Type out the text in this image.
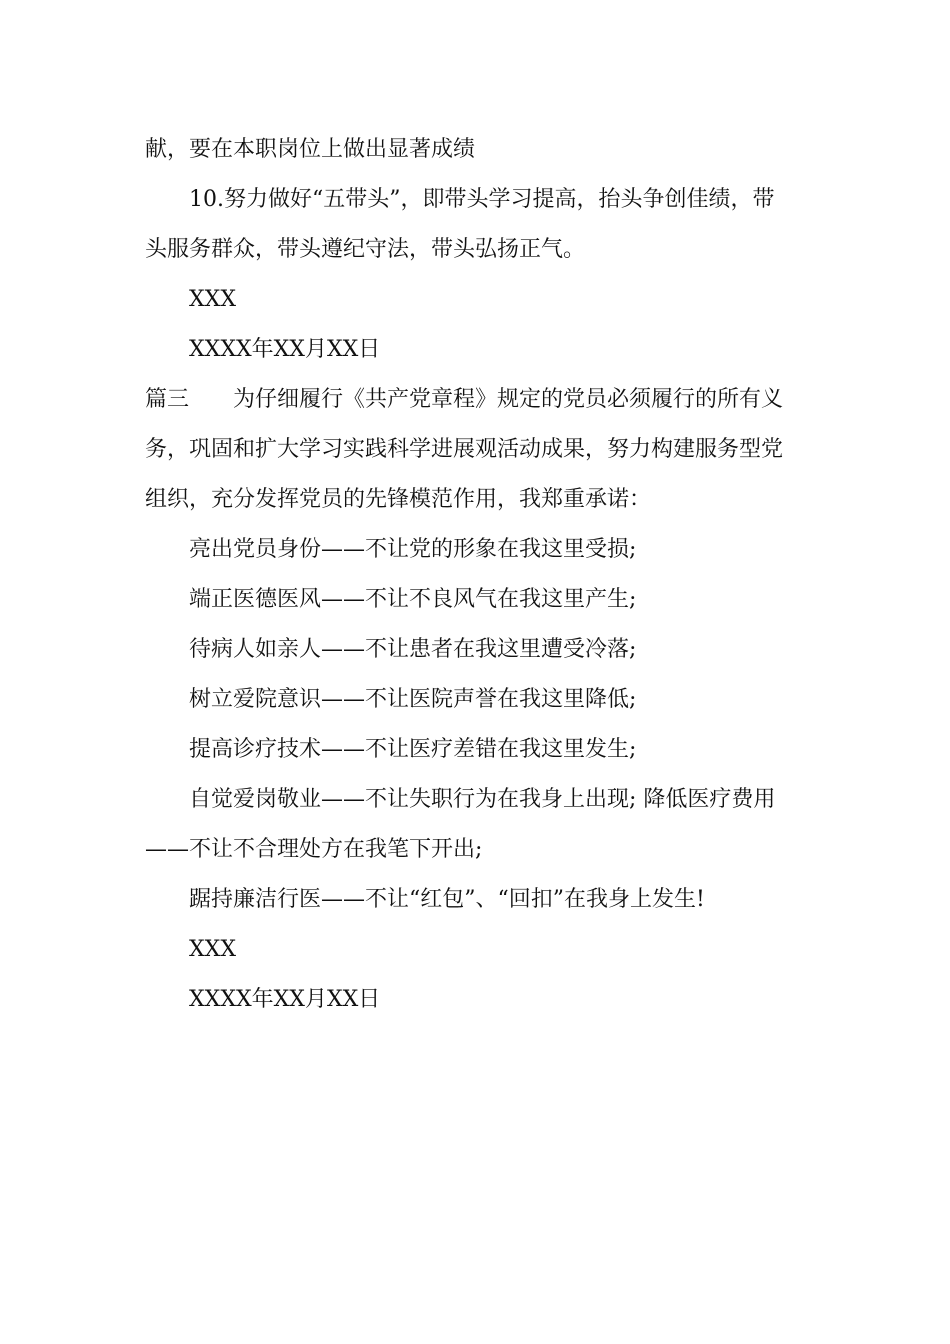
献，要在本职岗位上做出显著成绩
10.努力做好“五带头”，即带头学习提高，抬头争创佳绩，带
头服务群众，带头遵纪守法，带头弘扬正气。
XXX
XXXX年XX月XX日
篇三 为仔细履行《共产党章程》规定的党员必须履行的所有义
务，巩固和扩大学习实践科学进展观活动成果，努力构建服务型党
组织，充分发挥党员的先锋模范作用，我郑重承诺：
亮出党员身份——不让党的形象在我这里受损;
端正医德医风——不让不良风气在我这里产生;
待病人如亲人——不让患者在我这里遭受冷落;
树立爱院意识——不让医院声誉在我这里降低;
提高诊疗技术——不让医疗差错在我这里发生;
自觉爱岗敬业——不让失职行为在我身上出现; 降低医疗费用
——不让不合理处方在我笔下开出;
踞持廉洁行医——不让“红包”、“回扣”在我身上发生!
XXX
XXXX年XX月XX日
